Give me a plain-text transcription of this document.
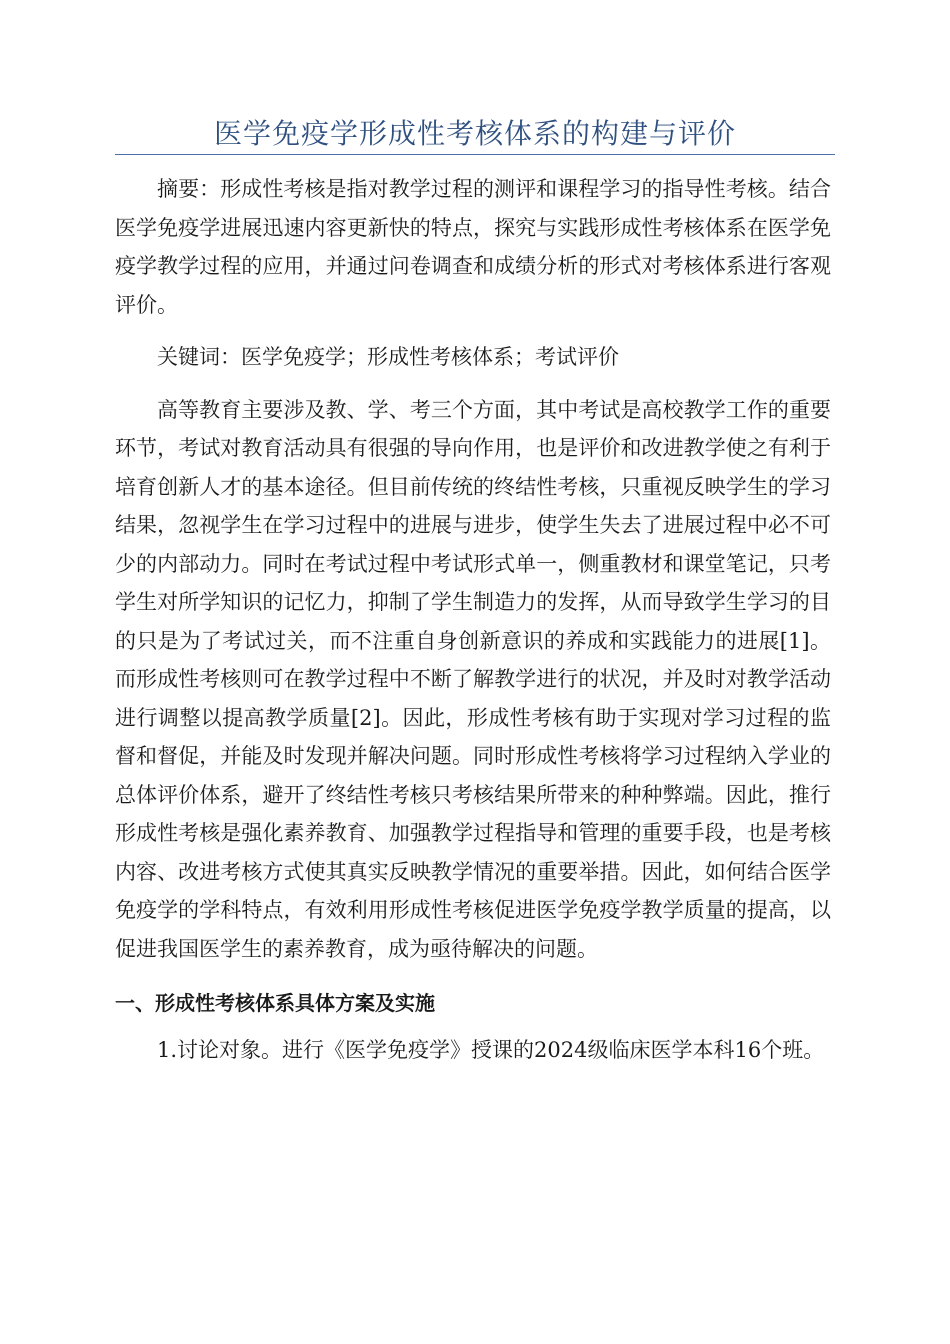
医学免疫学形成性考核体系的构建与评价

摘要：形成性考核是指对教学过程的测评和课程学习的指导性考核。结合医学免疫学进展迅速内容更新快的特点，探究与实践形成性考核体系在医学免疫学教学过程的应用，并通过问卷调查和成绩分析的形式对考核体系进行客观评价。

关键词：医学免疫学；形成性考核体系；考试评价

高等教育主要涉及教、学、考三个方面，其中考试是高校教学工作的重要环节，考试对教育活动具有很强的导向作用，也是评价和改进教学使之有利于培育创新人才的基本途径。但目前传统的终结性考核，只重视反映学生的学习结果，忽视学生在学习过程中的进展与进步，使学生失去了进展过程中必不可少的内部动力。同时在考试过程中考试形式单一，侧重教材和课堂笔记，只考学生对所学知识的记忆力，抑制了学生制造力的发挥，从而导致学生学习的目的只是为了考试过关，而不注重自身创新意识的养成和实践能力的进展[1]。而形成性考核则可在教学过程中不断了解教学进行的状况，并及时对教学活动进行调整以提高教学质量[2]。因此，形成性考核有助于实现对学习过程的监督和督促，并能及时发现并解决问题。同时形成性考核将学习过程纳入学业的总体评价体系，避开了终结性考核只考核结果所带来的种种弊端。因此，推行形成性考核是强化素养教育、加强教学过程指导和管理的重要手段，也是考核内容、改进考核方式使其真实反映教学情况的重要举措。因此，如何结合医学免疫学的学科特点，有效利用形成性考核促进医学免疫学教学质量的提高，以促进我国医学生的素养教育，成为亟待解决的问题。

一、形成性考核体系具体方案及实施

1.讨论对象。进行《医学免疫学》授课的2024级临床医学本科16个班。
